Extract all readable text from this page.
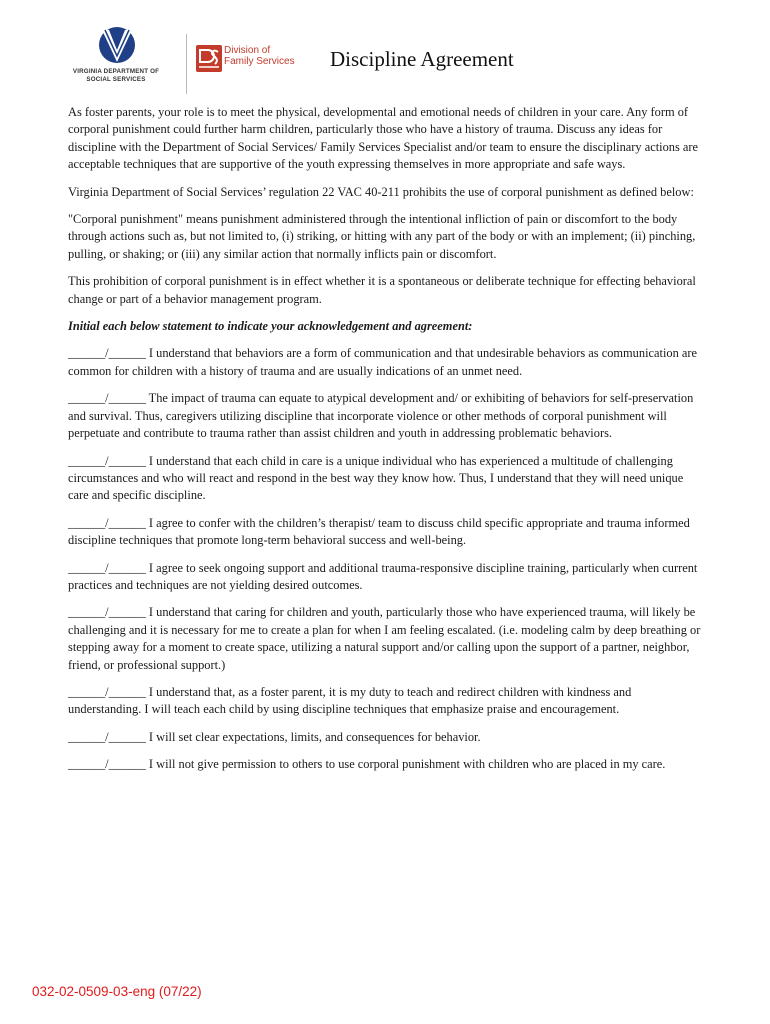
VIRGINIA DEPARTMENT OF
SOCIAL SERVICES
Division of
Family Services Discipline Agreement

As foster parents, your role is to meet the physical, developmental and emotional needs of children in your care. Any form of corporal punishment could further harm children, particularly those who have a history of trauma. Discuss any ideas for discipline with the Department of Social Services/ Family Services Specialist and/or team to ensure the disciplinary actions are acceptable techniques that are supportive of the youth expressing themselves in more appropriate and safe ways.

Virginia Department of Social Services’ regulation 22 VAC 40-211 prohibits the use of corporal punishment as defined below:

"Corporal punishment" means punishment administered through the intentional infliction of pain or discomfort to the body through actions such as, but not limited to, (i) striking, or hitting with any part of the body or with an implement; (ii) pinching, pulling, or shaking; or (iii) any similar action that normally inflicts pain or discomfort.

This prohibition of corporal punishment is in effect whether it is a spontaneous or deliberate technique for effecting behavioral change or part of a behavior management program.

Initial each below statement to indicate your acknowledgement and agreement:

______/______ I understand that behaviors are a form of communication and that undesirable behaviors as communication are common for children with a history of trauma and are usually indications of an unmet need.
______/______ The impact of trauma can equate to atypical development and/ or exhibiting of behaviors for self-preservation and survival. Thus, caregivers utilizing discipline that incorporate violence or other methods of corporal punishment will perpetuate and contribute to trauma rather than assist children and youth in addressing problematic behaviors.
______/______ I understand that each child in care is a unique individual who has experienced a multitude of challenging circumstances and who will react and respond in the best way they know how. Thus, I understand that they will need unique care and specific discipline.
______/______ I agree to confer with the children’s therapist/ team to discuss child specific appropriate and trauma informed discipline techniques that promote long-term behavioral success and well-being.
______/______ I agree to seek ongoing support and additional trauma-responsive discipline training, particularly when current practices and techniques are not yielding desired outcomes.
______/______ I understand that caring for children and youth, particularly those who have experienced trauma, will likely be challenging and it is necessary for me to create a plan for when I am feeling escalated. (i.e. modeling calm by deep breathing or stepping away for a moment to create space, utilizing a natural support and/or calling upon the support of a partner, neighbor, friend, or professional support.)
______/______ I understand that, as a foster parent, it is my duty to teach and redirect children with kindness and understanding. I will teach each child by using discipline techniques that emphasize praise and encouragement.
______/______ I will set clear expectations, limits, and consequences for behavior.
______/______ I will not give permission to others to use corporal punishment with children who are placed in my care.
032-02-0509-03-eng (07/22)
